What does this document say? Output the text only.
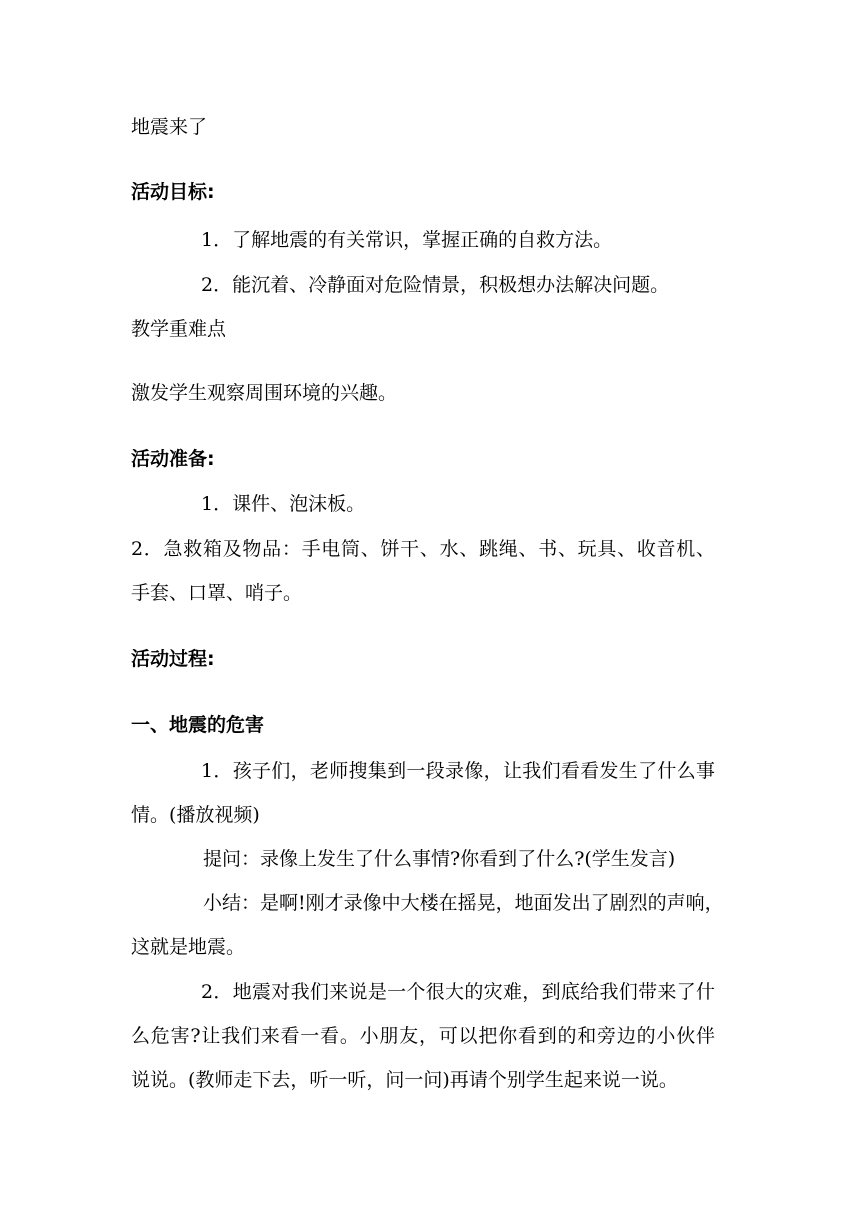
地震来了
活动目标:
1．了解地震的有关常识，掌握正确的自救方法。
2．能沉着、冷静面对危险情景，积极想办法解决问题。
教学重难点
激发学生观察周围环境的兴趣。
活动准备:
1．课件、泡沫板。
2．急救箱及物品：手电筒、饼干、水、跳绳、书、玩具、收音机、
手套、口罩、哨子。
活动过程:
一、地震的危害
1．孩子们，老师搜集到一段录像，让我们看看发生了什么事
情。(播放视频)
提问：录像上发生了什么事情?你看到了什么?(学生发言)
小结：是啊!刚才录像中大楼在摇晃，地面发出了剧烈的声响，
这就是地震。
2．地震对我们来说是一个很大的灾难，到底给我们带来了什
么危害?让我们来看一看。小朋友，可以把你看到的和旁边的小伙伴
说说。(教师走下去，听一听，问一问)再请个别学生起来说一说。
